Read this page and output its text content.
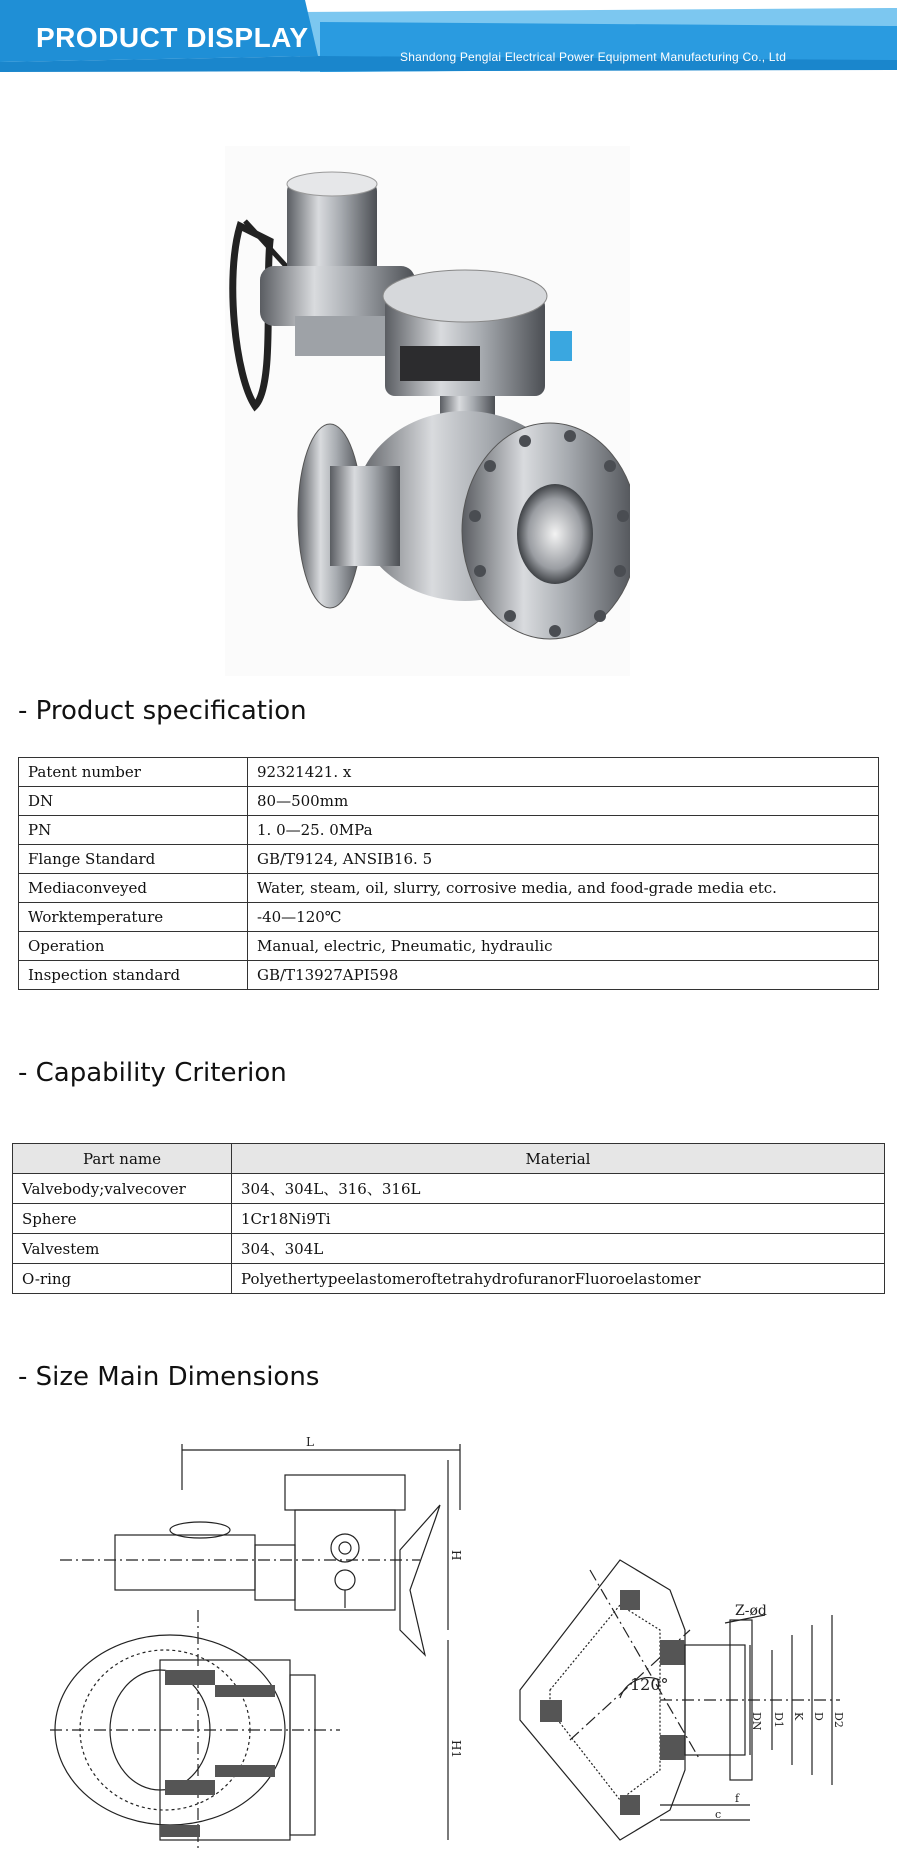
PRODUCT DISPLAY
Shandong Penglai Electrical Power Equipment Manufacturing Co., Ltd
- Product specification
Patent number	92321421. x
DN	80—500mm
PN	1. 0—25. 0MPa
Flange Standard	GB/T9124, ANSIB16. 5
Mediaconveyed	Water, steam, oil, slurry, corrosive media, and food-grade media etc.
Worktemperature	-40—120℃
Operation	Manual, electric, Pneumatic, hydraulic
Inspection standard	GB/T13927API598
- Capability Criterion
Part name	Material
Valvebody;valvecover	304、304L、316、316L
Sphere	1Cr18Ni9Ti
Valvestem	304、304L
O-ring	PolyethertypeelastomeroftetrahydrofuranorFluoroelastomer
- Size Main Dimensions
L
H
H1
120°
Z-ød
DN D1 K D D2
f
c
